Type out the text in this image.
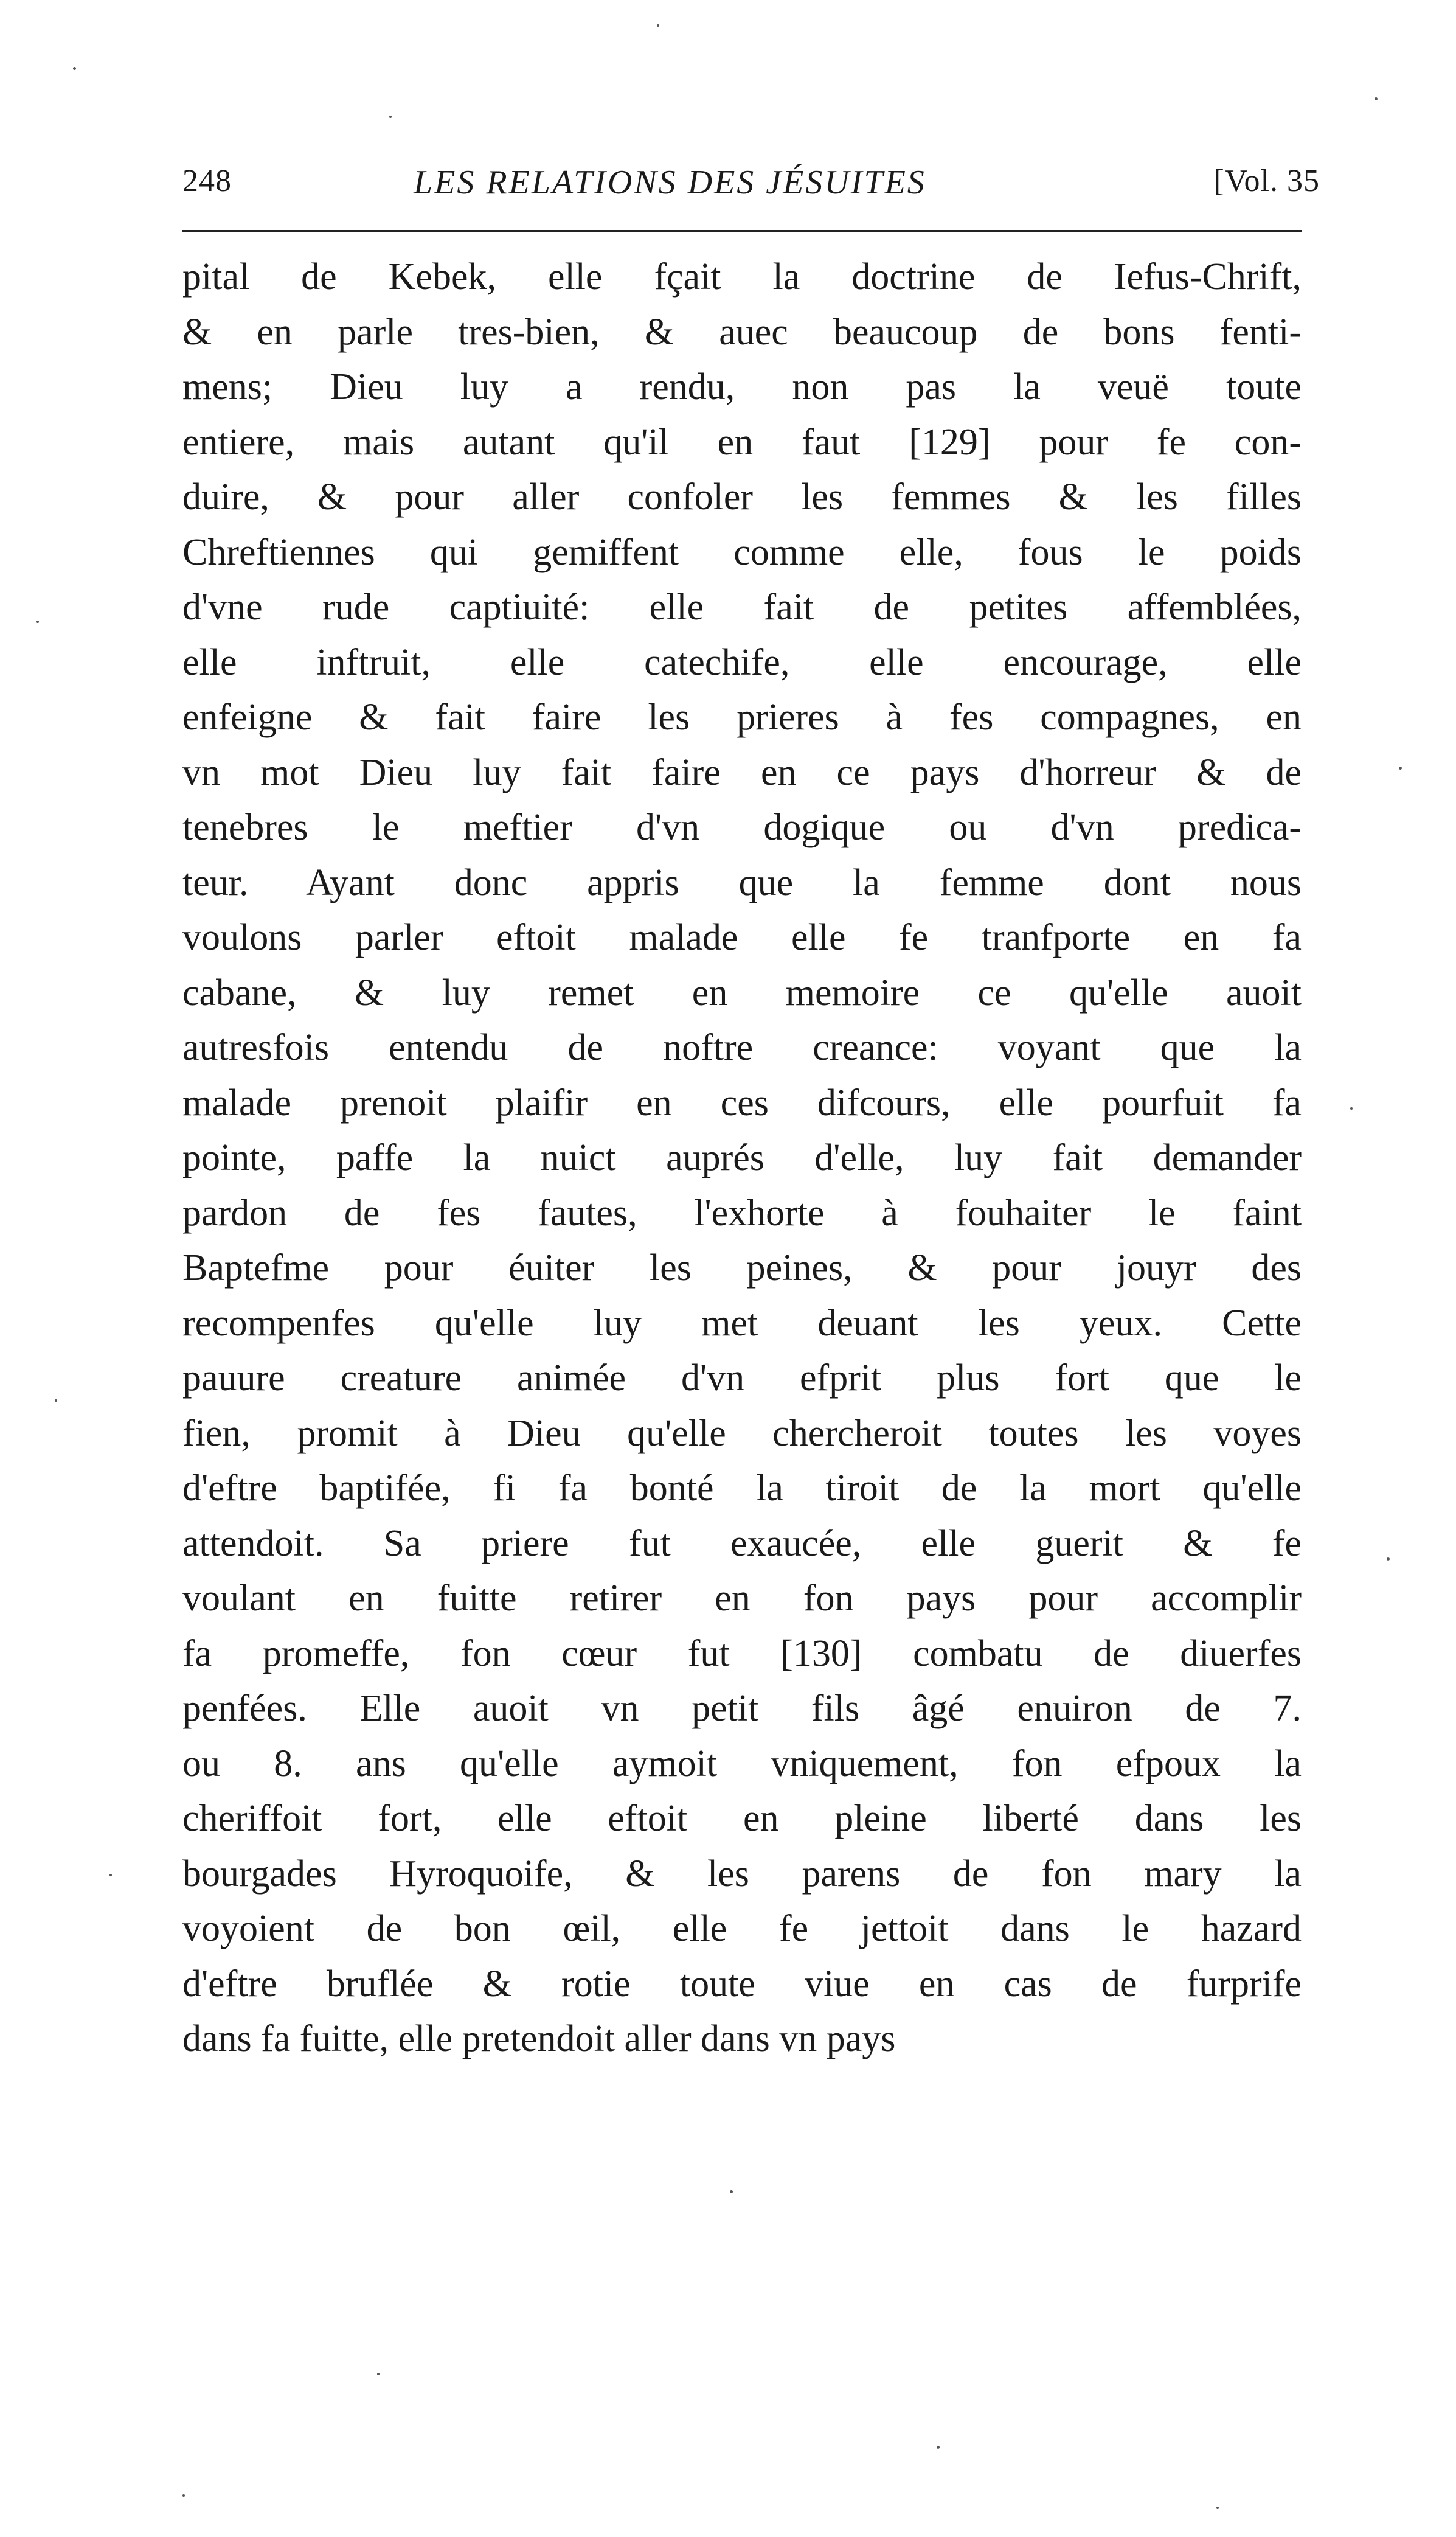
248	LES RELATIONS DES JÉSUITES	[Vol. 35
pital de Kebek, elle fçait la doctrine de Iefus-Chrift,
& en parle tres-bien, & auec beaucoup de bons fenti-
mens; Dieu luy a rendu, non pas la veuë toute
entiere, mais autant qu'il en faut [129] pour fe con-
duire, & pour aller confoler les femmes & les filles
Chreftiennes qui gemiffent comme elle, fous le poids
d'vne rude captiuité: elle fait de petites affemblées,
elle inftruit, elle catechife, elle encourage, elle
enfeigne & fait faire les prieres à fes compagnes, en
vn mot Dieu luy fait faire en ce pays d'horreur & de
tenebres le meftier d'vn dogique ou d'vn predica-
teur. Ayant donc appris que la femme dont nous
voulons parler eftoit malade elle fe tranfporte en fa
cabane, & luy remet en memoire ce qu'elle auoit
autresfois entendu de noftre creance: voyant que la
malade prenoit plaifir en ces difcours, elle pourfuit fa
pointe, paffe la nuict auprés d'elle, luy fait demander
pardon de fes fautes, l'exhorte à fouhaiter le faint
Baptefme pour éuiter les peines, & pour jouyr des
recompenfes qu'elle luy met deuant les yeux. Cette
pauure creature animée d'vn efprit plus fort que le
fien, promit à Dieu qu'elle chercheroit toutes les voyes
d'eftre baptifée, fi fa bonté la tiroit de la mort qu'elle
attendoit. Sa priere fut exaucée, elle guerit & fe
voulant en fuitte retirer en fon pays pour accomplir
fa promeffe, fon cœur fut [130] combatu de diuerfes
penfées. Elle auoit vn petit fils âgé enuiron de 7.
ou 8. ans qu'elle aymoit vniquement, fon efpoux la
cheriffoit fort, elle eftoit en pleine liberté dans les
bourgades Hyroquoife, & les parens de fon mary la
voyoient de bon œil, elle fe jettoit dans le hazard
d'eftre bruflée & rotie toute viue en cas de furprife
dans fa fuitte, elle pretendoit aller dans vn pays
